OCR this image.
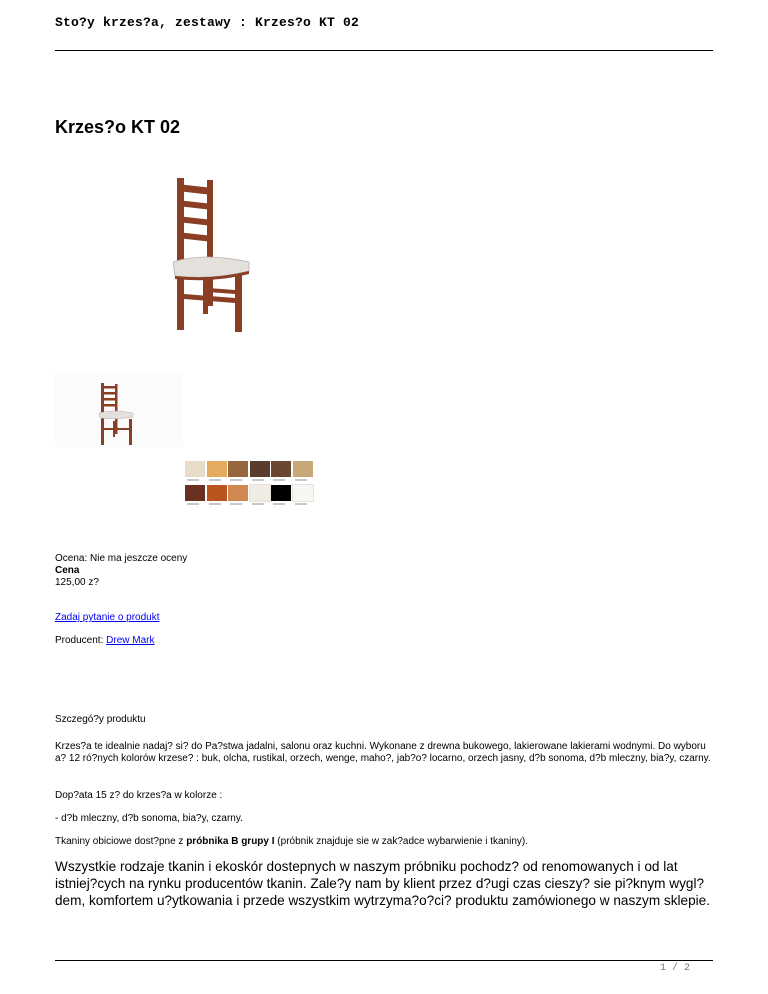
Sto?y krzes?a, zestawy : Krzes?o KT 02
Krzes?o KT 02
Ocena: Nie ma jeszcze oceny
Cena
125,00 z?
Zadaj pytanie o produkt
Producent: Drew Mark
Szczegó?y produktu
Krzes?a te idealnie nadaj? si? do Pa?stwa jadalni, salonu oraz kuchni. Wykonane z drewna bukowego, lakierowane lakierami wodnymi. Do wyboru a? 12 ró?nych kolorów krzese? : buk, olcha, rustikal, orzech, wenge, maho?, jab?o? locarno, orzech jasny, d?b sonoma, d?b mleczny, bia?y, czarny.
Dop?ata 15 z? do krzes?a w kolorze :
- d?b mleczny, d?b sonoma, bia?y, czarny.
Tkaniny obiciowe dost?pne z próbnika B grupy I (próbnik znajduje sie w zak?adce wybarwienie i tkaniny).
Wszystkie rodzaje tkanin i ekoskór dostepnych w naszym próbniku pochodz? od renomowanych i od lat istniej?cych na rynku producentów tkanin. Zale?y nam by klient przez d?ugi czas cieszy? sie pi?knym wygl?dem, komfortem u?ytkowania i przede wszystkim wytrzyma?o?ci? produktu zamówionego w naszym sklepie.
1 / 2
